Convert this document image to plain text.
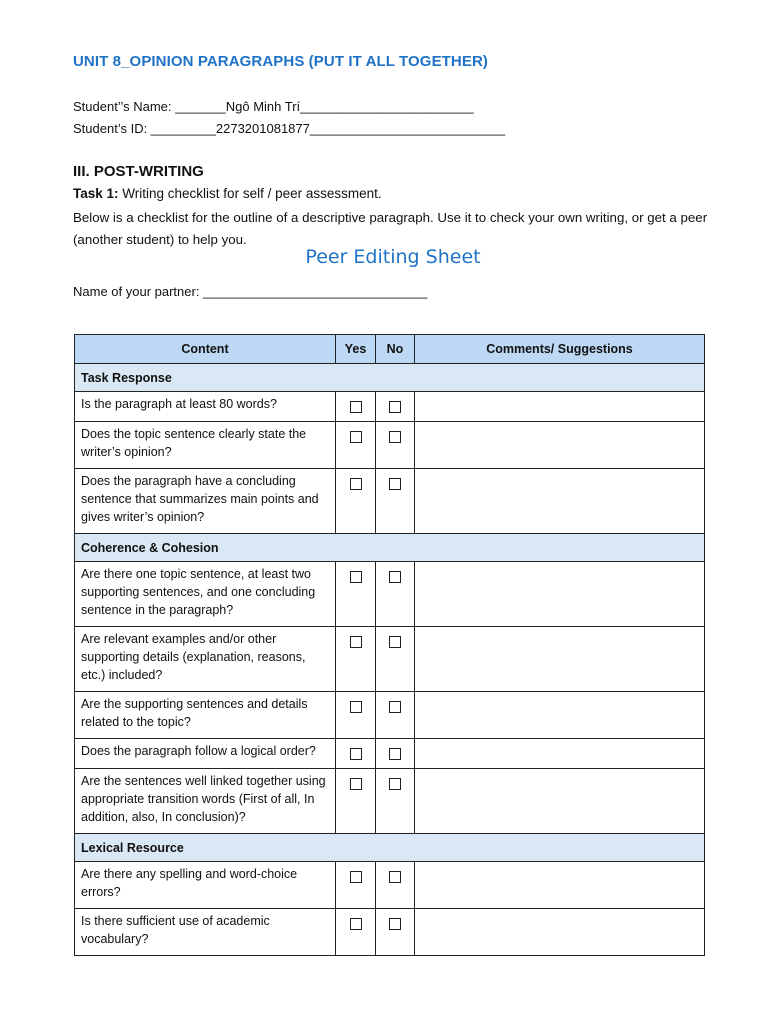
UNIT 8_OPINION PARAGRAPHS (PUT IT ALL TOGETHER)
Student’’s Name: _______Ngô Minh Trí________________________
Student’s ID: _________2273201081877___________________________
III. POST-WRITING
Task 1: Writing checklist for self / peer assessment.
Below is a checklist for the outline of a descriptive paragraph. Use it to check your own writing, or get a peer (another student) to help you.
Peer Editing Sheet
Name of your partner: _______________________________
Content	Yes	No	Comments/ Suggestions
Task Response			
Is the paragraph at least 80 words?			
Does the topic sentence clearly state the writer’s opinion?			
Does the paragraph have a concluding sentence that summarizes main points and gives writer’s opinion?			
Coherence & Cohesion			
Are there one topic sentence, at least two supporting sentences, and one concluding sentence in the paragraph?			
Are relevant examples and/or other supporting details (explanation, reasons, etc.) included?			
Are the supporting sentences and details related to the topic?			
Does the paragraph follow a logical order?			
Are the sentences well linked together using appropriate transition words (First of all, In addition, also, In conclusion)?			
Lexical Resource			
Are there any spelling and word-choice errors?			
Is there sufficient use of academic vocabulary?			
